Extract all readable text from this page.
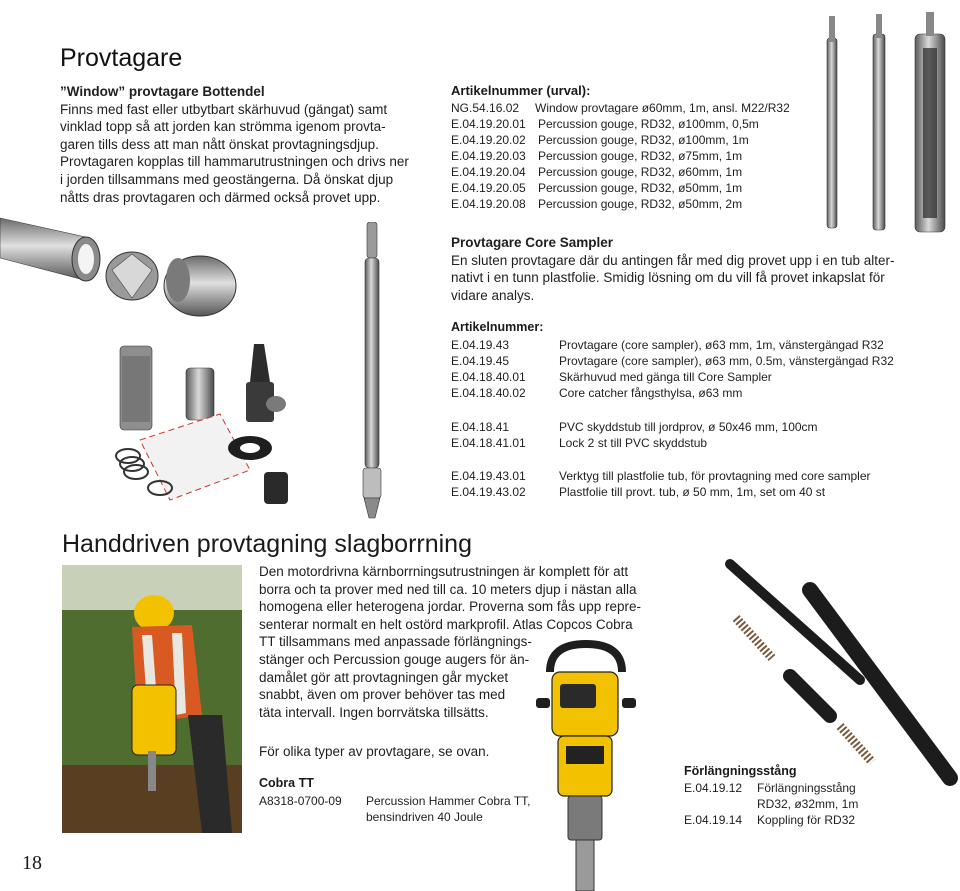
Provtagare
”Window” provtagare Bottendel
Finns med fast eller utbytbart skärhuvud (gängat) samt
vinklad topp så att jorden kan strömma igenom provta-
garen tills dess att man nått önskat provtagningsdjup.
Provtagaren kopplas till hammarutrustningen och drivs ner
i jorden tillsammans med geostängerna. Då önskat djup
nåtts dras provtagaren och därmed också provet upp.
Artikelnummer (urval):
NG.54.16.02 Window provtagare ø60mm, 1m, ansl. M22/R32
E.04.19.20.01 Percussion gouge, RD32, ø100mm, 0,5m
E.04.19.20.02 Percussion gouge, RD32, ø100mm, 1m
E.04.19.20.03 Percussion gouge, RD32, ø75mm, 1m
E.04.19.20.04 Percussion gouge, RD32, ø60mm, 1m
E.04.19.20.05 Percussion gouge, RD32, ø50mm, 1m
E.04.19.20.08 Percussion gouge, RD32, ø50mm, 2m
Provtagare Core Sampler
En sluten provtagare där du antingen får med dig provet upp i en tub alter-
nativt i en tunn plastfolie. Smidig lösning om du vill få provet inkapslat för
vidare analys.
Artikelnummer:
E.04.19.43	Provtagare (core sampler), ø63 mm, 1m, vänstergängad R32
E.04.19.45	Provtagare (core sampler), ø63 mm, 0.5m, vänstergängad R32
E.04.18.40.01	Skärhuvud med gänga till Core Sampler
E.04.18.40.02	Core catcher fångsthylsa, ø63 mm
E.04.18.41	PVC skyddstub till jordprov, ø 50x46 mm, 100cm
E.04.18.41.01	Lock 2 st till PVC skyddstub
E.04.19.43.01	Verktyg till plastfolie tub, för provtagning med core sampler
E.04.19.43.02	Plastfolie till provt. tub, ø 50 mm, 1m, set om 40 st
Handdriven provtagning slagborrning
Den motordrivna kärnborrningsutrustningen är komplett för att
borra och ta prover med ned till ca. 10 meters djup i nästan alla
homogena eller heterogena jordar. Proverna som fås upp repre-
senterar normalt en helt ostörd markprofil. Atlas Copcos Cobra
TT tillsammans med anpassade förlängnings-
stänger och Percussion gouge augers för än-
damålet gör att provtagningen går mycket
snabbt, även om prover behöver tas med
täta intervall. Ingen borrvätska tillsätts.
För olika typer av provtagare, se ovan.
Cobra TT
A8318-0700-09 Percussion Hammer Cobra TT,
bensindriven 40 Joule
Förlängningsstång
E.04.19.12 Förlängningsstång
RD32, ø32mm, 1m
E.04.19.14 Koppling för RD32
18
